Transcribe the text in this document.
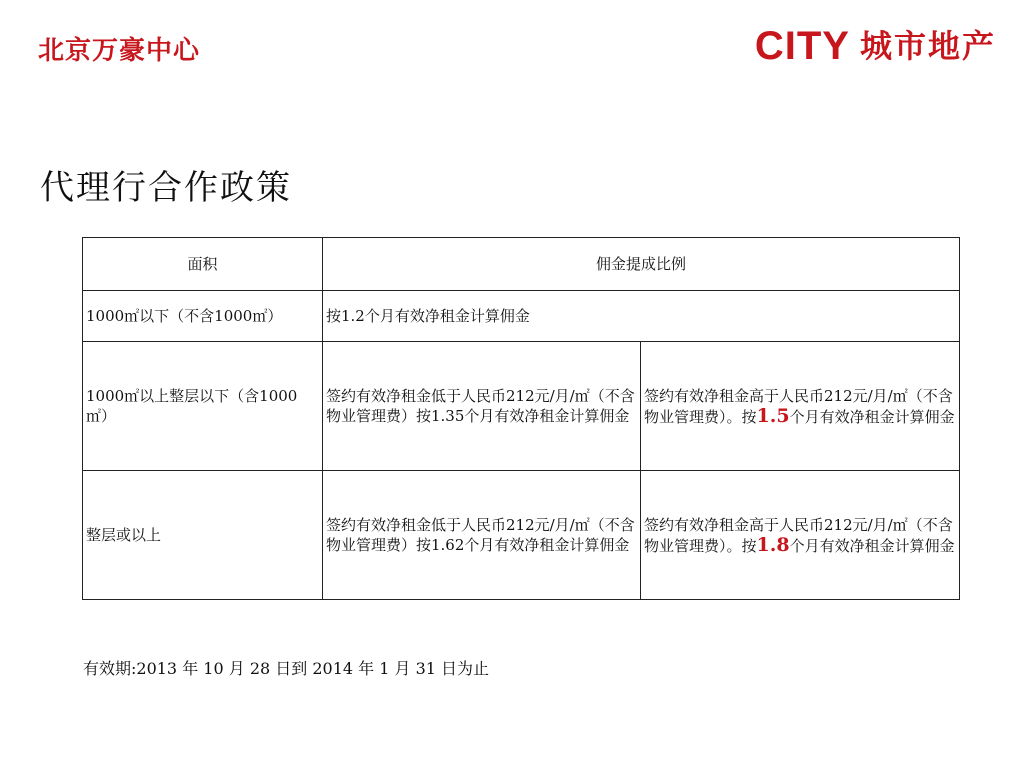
北京万豪中心	CITY 城市地产
代理行合作政策
面积	佣金提成比例	
1000㎡以下（不含1000㎡）	按1.2个月有效净租金计算佣金	
1000㎡以上整层以下（含1000㎡）	签约有效净租金低于人民币212元/月/㎡（不含物业管理费）按1.35个月有效净租金计算佣金	签约有效净租金高于人民币212元/月/㎡（不含物业管理费）。按1.5个月有效净租金计算佣金
整层或以上	签约有效净租金低于人民币212元/月/㎡（不含物业管理费）按1.62个月有效净租金计算佣金	签约有效净租金高于人民币212元/月/㎡（不含物业管理费）。按1.8个月有效净租金计算佣金
有效期:2013 年 10 月 28 日到 2014 年 1 月 31 日为止
